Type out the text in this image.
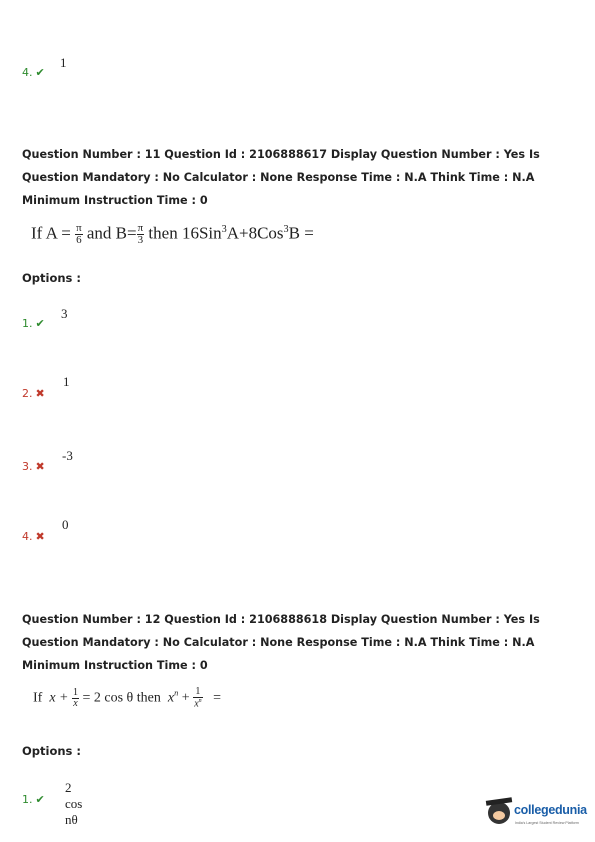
4. ✔
1
Question Number : 11 Question Id : 2106888617 Display Question Number : Yes Is Question Mandatory : No Calculator : None Response Time : N.A Think Time : N.A Minimum Instruction Time : 0
If $A = \frac{\pi}{6}$ and $B= \frac{\pi}{3}$ then 16Sin$^3$A+8Cos$^3$B =
Options :
1. ✔
3
2. ✖
1
3. ✖
-3
4. ✖
0
Question Number : 12 Question Id : 2106888618 Display Question Number : Yes Is Question Mandatory : No Calculator : None Response Time : N.A Think Time : N.A Minimum Instruction Time : 0
If $x + \frac{1}{x} = 2$ cos θ then $x^n + \frac{1}{x^n}$ =
Options :
1. ✔
2 cos nθ
collegedunia
India's Largest Student Review Platform
